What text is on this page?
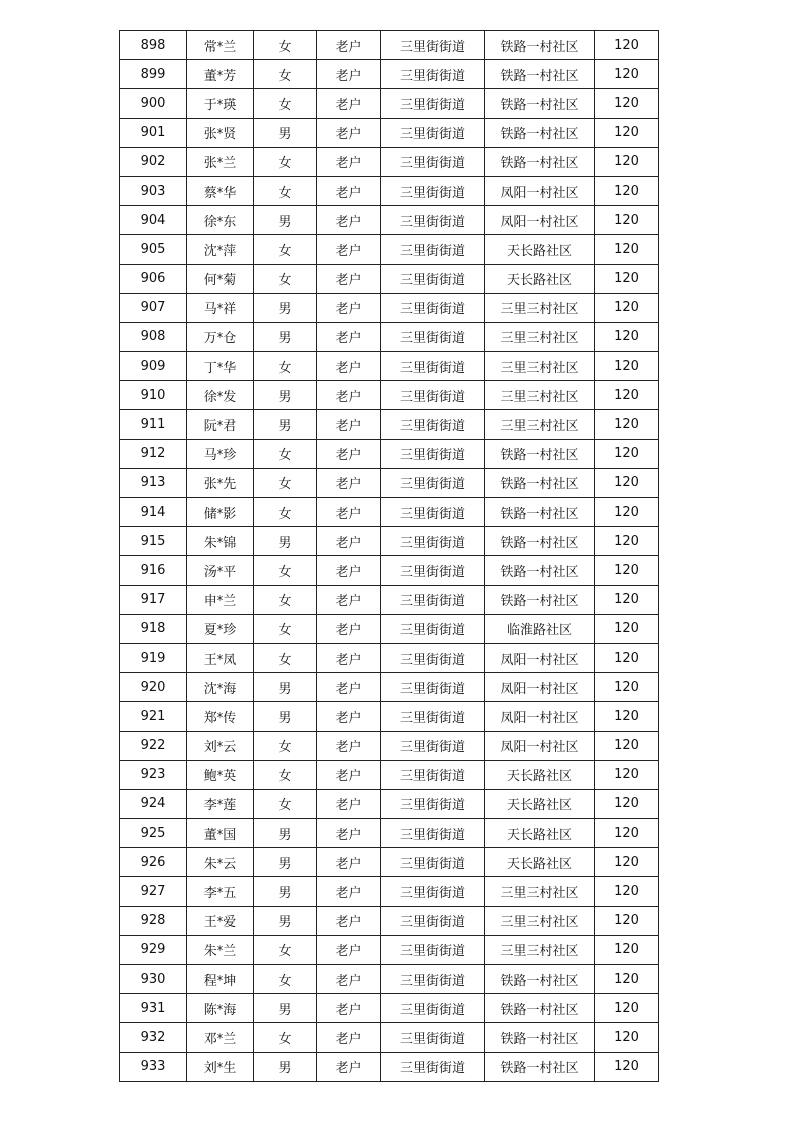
898	常*兰	女	老户	三里街街道	铁路一村社区	120
899	董*芳	女	老户	三里街街道	铁路一村社区	120
900	于*瑛	女	老户	三里街街道	铁路一村社区	120
901	张*贤	男	老户	三里街街道	铁路一村社区	120
902	张*兰	女	老户	三里街街道	铁路一村社区	120
903	蔡*华	女	老户	三里街街道	凤阳一村社区	120
904	徐*东	男	老户	三里街街道	凤阳一村社区	120
905	沈*萍	女	老户	三里街街道	天长路社区	120
906	何*菊	女	老户	三里街街道	天长路社区	120
907	马*祥	男	老户	三里街街道	三里三村社区	120
908	万*仓	男	老户	三里街街道	三里三村社区	120
909	丁*华	女	老户	三里街街道	三里三村社区	120
910	徐*发	男	老户	三里街街道	三里三村社区	120
911	阮*君	男	老户	三里街街道	三里三村社区	120
912	马*珍	女	老户	三里街街道	铁路一村社区	120
913	张*先	女	老户	三里街街道	铁路一村社区	120
914	储*影	女	老户	三里街街道	铁路一村社区	120
915	朱*锦	男	老户	三里街街道	铁路一村社区	120
916	汤*平	女	老户	三里街街道	铁路一村社区	120
917	申*兰	女	老户	三里街街道	铁路一村社区	120
918	夏*珍	女	老户	三里街街道	临淮路社区	120
919	王*凤	女	老户	三里街街道	凤阳一村社区	120
920	沈*海	男	老户	三里街街道	凤阳一村社区	120
921	郑*传	男	老户	三里街街道	凤阳一村社区	120
922	刘*云	女	老户	三里街街道	凤阳一村社区	120
923	鲍*英	女	老户	三里街街道	天长路社区	120
924	李*莲	女	老户	三里街街道	天长路社区	120
925	董*国	男	老户	三里街街道	天长路社区	120
926	朱*云	男	老户	三里街街道	天长路社区	120
927	李*五	男	老户	三里街街道	三里三村社区	120
928	王*爱	男	老户	三里街街道	三里三村社区	120
929	朱*兰	女	老户	三里街街道	三里三村社区	120
930	程*坤	女	老户	三里街街道	铁路一村社区	120
931	陈*海	男	老户	三里街街道	铁路一村社区	120
932	邓*兰	女	老户	三里街街道	铁路一村社区	120
933	刘*生	男	老户	三里街街道	铁路一村社区	120
